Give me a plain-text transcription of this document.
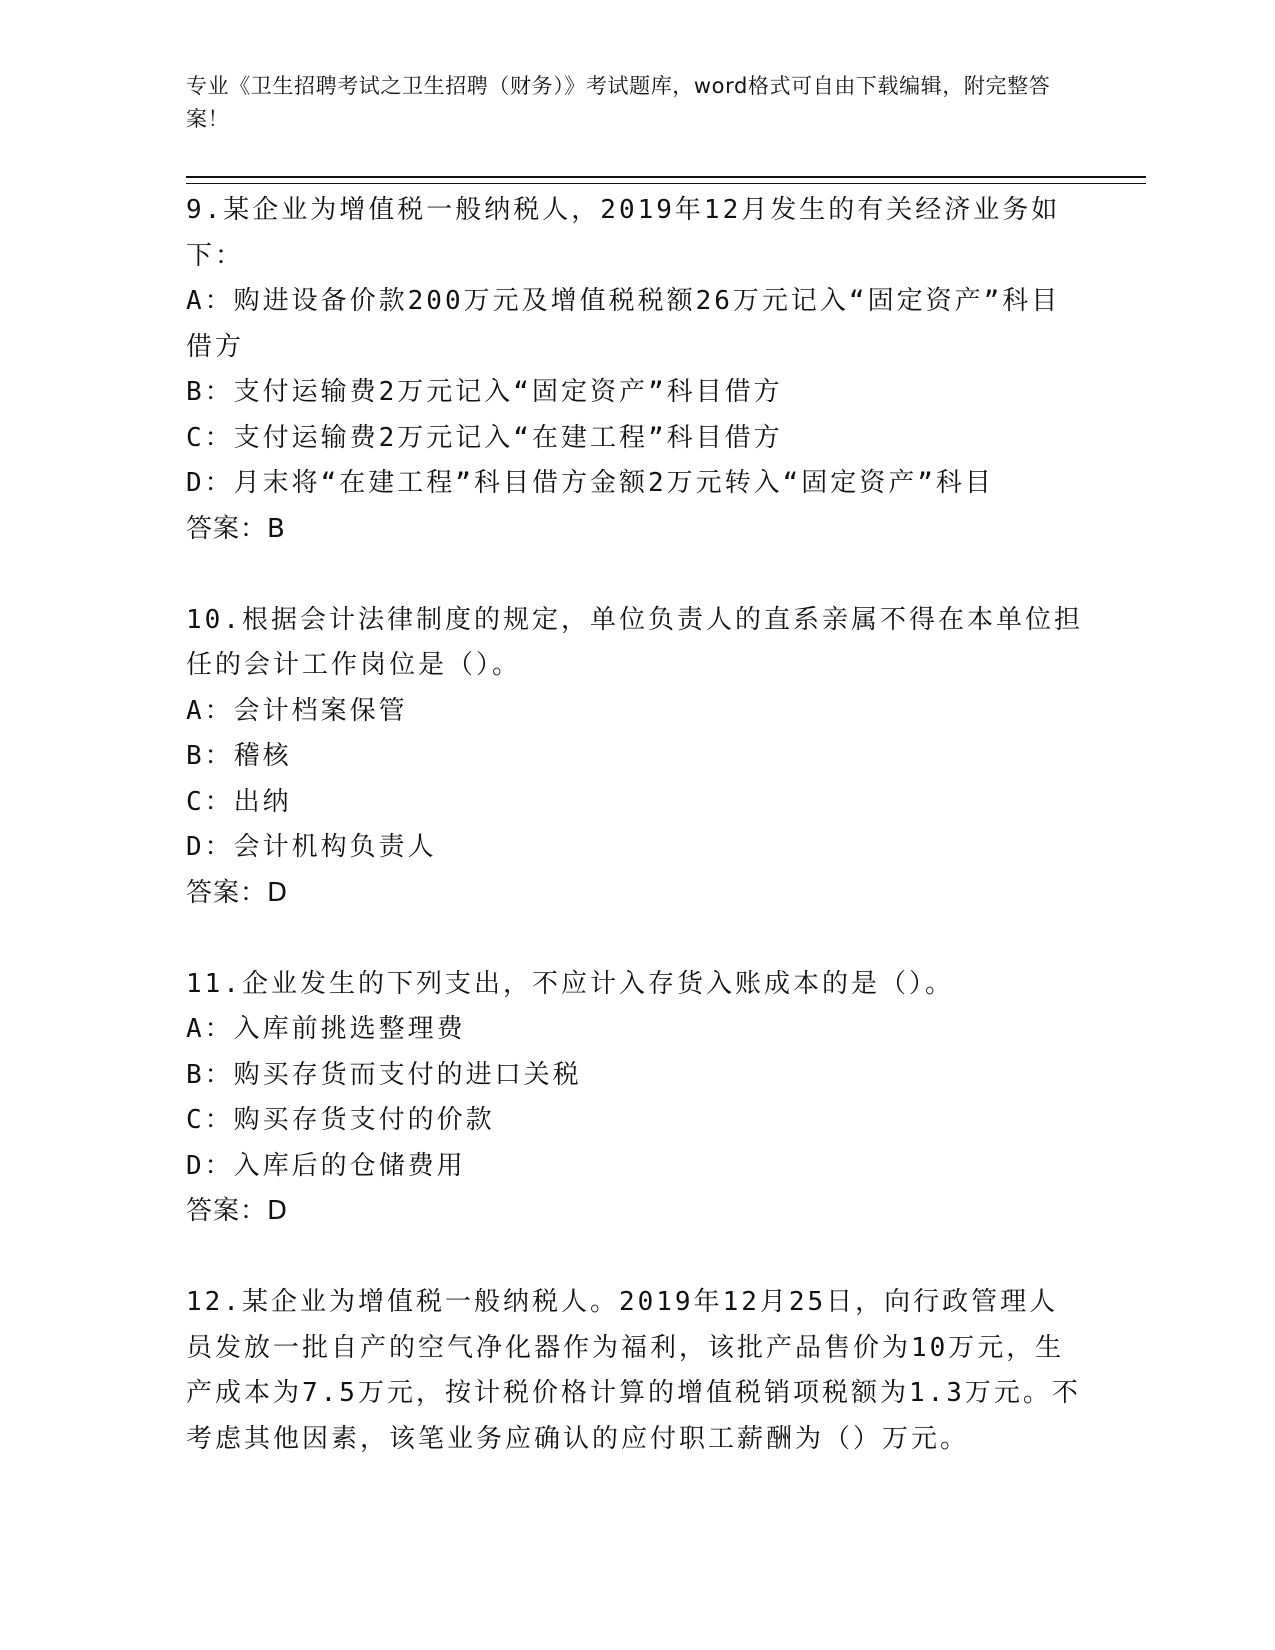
专业《卫生招聘考试之卫生招聘（财务）》考试题库，word格式可自由下载编辑，附完整答案！
9.某企业为增值税一般纳税人，2019年12月发生的有关经济业务如下：
A：购进设备价款200万元及增值税税额26万元记入“固定资产”科目借方
B：支付运输费2万元记入“固定资产”科目借方
C：支付运输费2万元记入“在建工程”科目借方
D：月末将“在建工程”科目借方金额2万元转入“固定资产”科目
答案：B
10.根据会计法律制度的规定，单位负责人的直系亲属不得在本单位担任的会计工作岗位是（）。
A：会计档案保管
B：稽核
C：出纳
D：会计机构负责人
答案：D
11.企业发生的下列支出，不应计入存货入账成本的是（）。
A：入库前挑选整理费
B：购买存货而支付的进口关税
C：购买存货支付的价款
D：入库后的仓储费用
答案：D
12.某企业为增值税一般纳税人。2019年12月25日，向行政管理人员发放一批自产的空气净化器作为福利，该批产品售价为10万元，生产成本为7.5万元，按计税价格计算的增值税销项税额为1.3万元。不考虑其他因素，该笔业务应确认的应付职工薪酬为（）万元。
